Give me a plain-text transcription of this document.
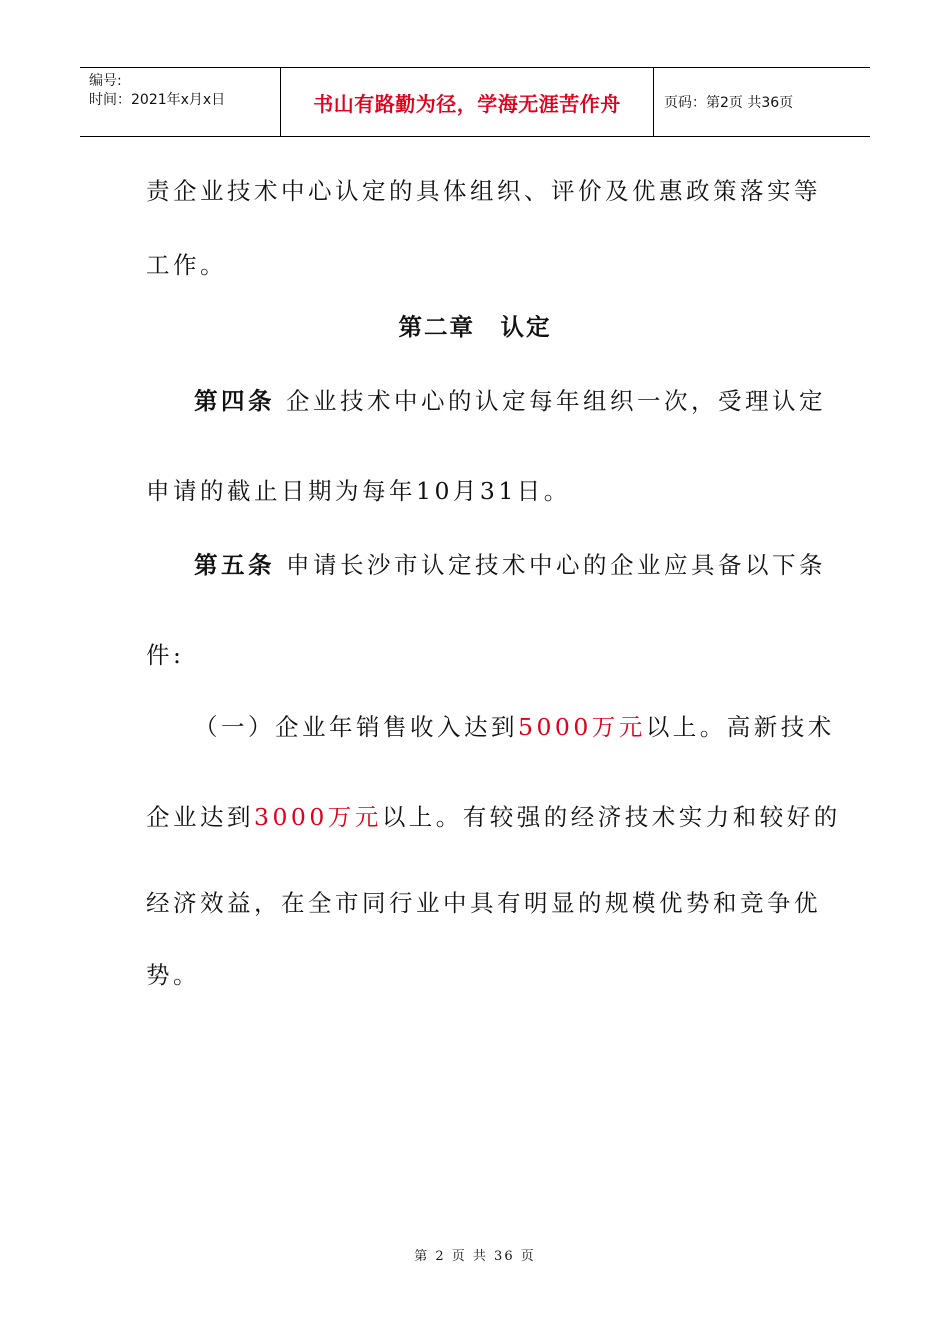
编号:
时间：2021年x月x日	书山有路勤为径，学海无涯苦作舟	页码：第2页 共36页
责企业技术中心认定的具体组织、评价及优惠政策落实等
工作。
第二章　认定
第四条 企业技术中心的认定每年组织一次，受理认定
申请的截止日期为每年10月31日。
第五条 申请长沙市认定技术中心的企业应具备以下条
件:
（一）企业年销售收入达到5000万元以上。高新技术
企业达到3000万元以上。有较强的经济技术实力和较好的
经济效益，在全市同行业中具有明显的规模优势和竞争优
势。
第 2 页 共 36 页
